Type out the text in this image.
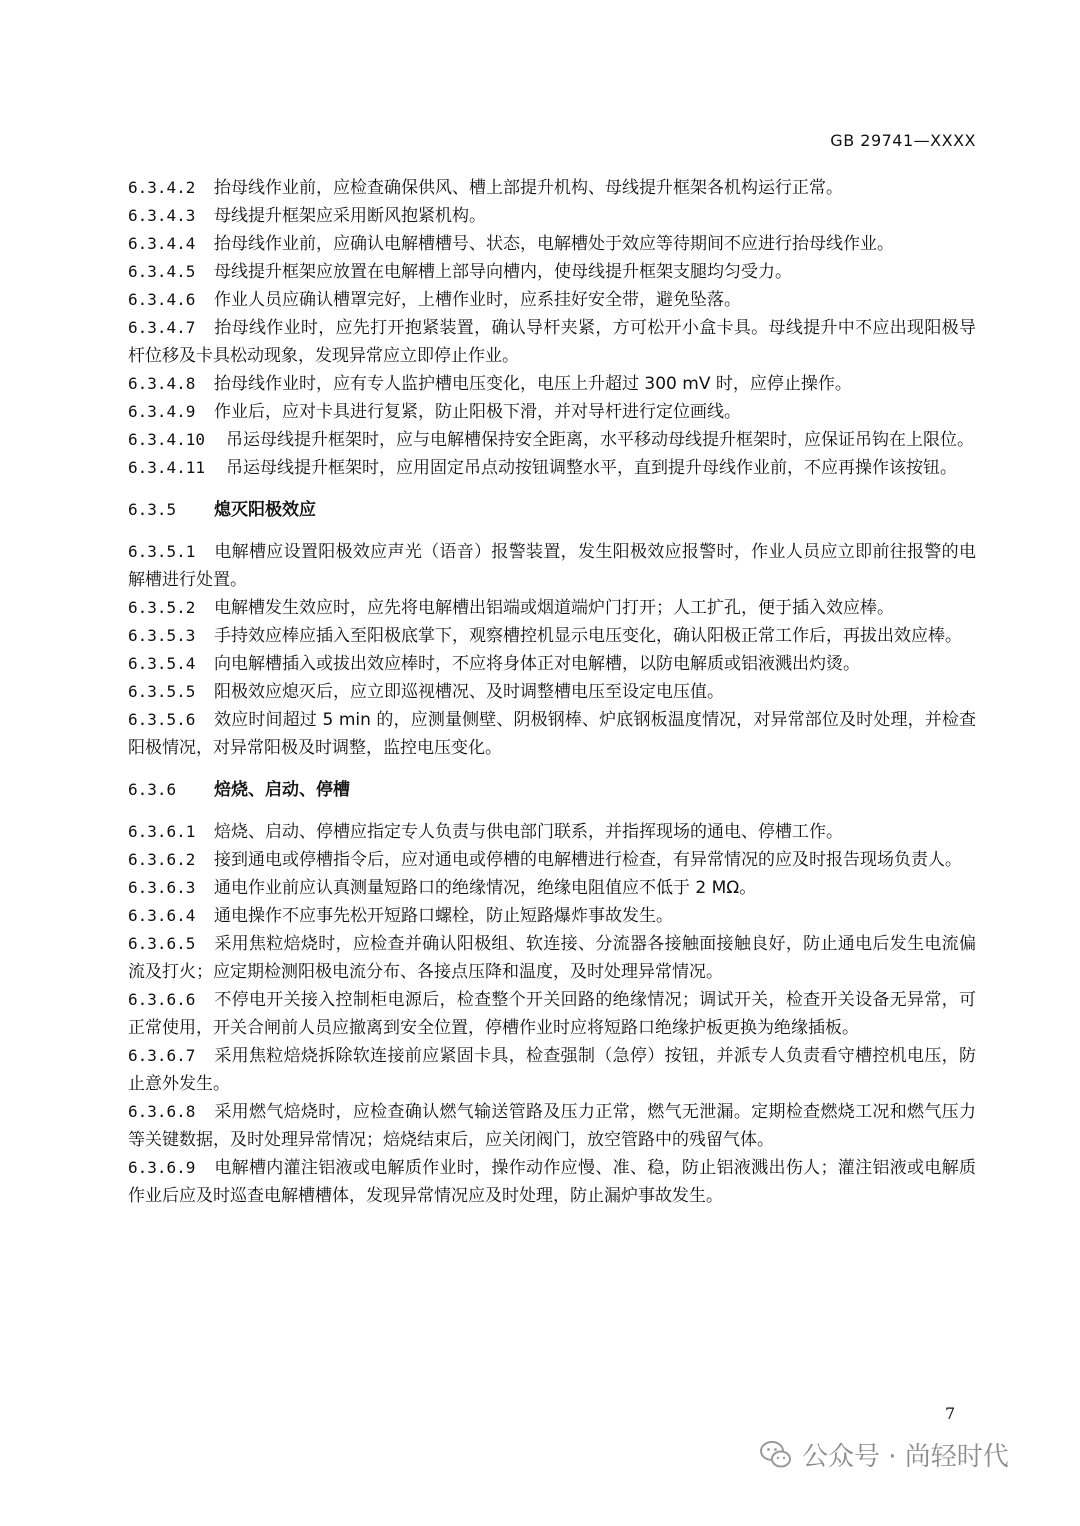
GB 29741—XXXX

6.3.4.2 抬母线作业前，应检查确保供风、槽上部提升机构、母线提升框架各机构运行正常。

6.3.4.3 母线提升框架应采用断风抱紧机构。

6.3.4.4 抬母线作业前，应确认电解槽槽号、状态，电解槽处于效应等待期间不应进行抬母线作业。

6.3.4.5 母线提升框架应放置在电解槽上部导向槽内，使母线提升框架支腿均匀受力。

6.3.4.6 作业人员应确认槽罩完好，上槽作业时，应系挂好安全带，避免坠落。

6.3.4.7 抬母线作业时，应先打开抱紧装置，确认导杆夹紧，方可松开小盒卡具。母线提升中不应出现阳极导杆位移及卡具松动现象，发现异常应立即停止作业。

6.3.4.8 抬母线作业时，应有专人监护槽电压变化，电压上升超过 300 mV 时，应停止操作。

6.3.4.9 作业后，应对卡具进行复紧，防止阳极下滑，并对导杆进行定位画线。

6.3.4.10 吊运母线提升框架时，应与电解槽保持安全距离，水平移动母线提升框架时，应保证吊钩在上限位。

6.3.4.11 吊运母线提升框架时，应用固定吊点动按钮调整水平，直到提升母线作业前，不应再操作该按钮。

6.3.5 熄灭阳极效应

6.3.5.1 电解槽应设置阳极效应声光（语音）报警装置，发生阳极效应报警时，作业人员应立即前往报警的电解槽进行处置。

6.3.5.2 电解槽发生效应时，应先将电解槽出铝端或烟道端炉门打开；人工扩孔，便于插入效应棒。

6.3.5.3 手持效应棒应插入至阳极底掌下，观察槽控机显示电压变化，确认阳极正常工作后，再拔出效应棒。

6.3.5.4 向电解槽插入或拔出效应棒时，不应将身体正对电解槽，以防电解质或铝液溅出灼烫。

6.3.5.5 阳极效应熄灭后，应立即巡视槽况、及时调整槽电压至设定电压值。

6.3.5.6 效应时间超过 5 min 的，应测量侧壁、阴极钢棒、炉底钢板温度情况，对异常部位及时处理，并检查阳极情况，对异常阳极及时调整，监控电压变化。

6.3.6 焙烧、启动、停槽

6.3.6.1 焙烧、启动、停槽应指定专人负责与供电部门联系，并指挥现场的通电、停槽工作。

6.3.6.2 接到通电或停槽指令后，应对通电或停槽的电解槽进行检查，有异常情况的应及时报告现场负责人。

6.3.6.3 通电作业前应认真测量短路口的绝缘情况，绝缘电阻值应不低于 2 MΩ。

6.3.6.4 通电操作不应事先松开短路口螺栓，防止短路爆炸事故发生。

6.3.6.5 采用焦粒焙烧时，应检查并确认阳极组、软连接、分流器各接触面接触良好，防止通电后发生电流偏流及打火；应定期检测阳极电流分布、各接点压降和温度，及时处理异常情况。

6.3.6.6 不停电开关接入控制柜电源后，检查整个开关回路的绝缘情况；调试开关，检查开关设备无异常，可正常使用，开关合闸前人员应撤离到安全位置，停槽作业时应将短路口绝缘护板更换为绝缘插板。

6.3.6.7 采用焦粒焙烧拆除软连接前应紧固卡具，检查强制（急停）按钮，并派专人负责看守槽控机电压，防止意外发生。

6.3.6.8 采用燃气焙烧时，应检查确认燃气输送管路及压力正常，燃气无泄漏。定期检查燃烧工况和燃气压力等关键数据，及时处理异常情况；焙烧结束后，应关闭阀门，放空管路中的残留气体。

6.3.6.9 电解槽内灌注铝液或电解质作业时，操作动作应慢、准、稳，防止铝液溅出伤人；灌注铝液或电解质作业后应及时巡查电解槽槽体，发现异常情况应及时处理，防止漏炉事故发生。

7
公众号 · 尚轻时代
